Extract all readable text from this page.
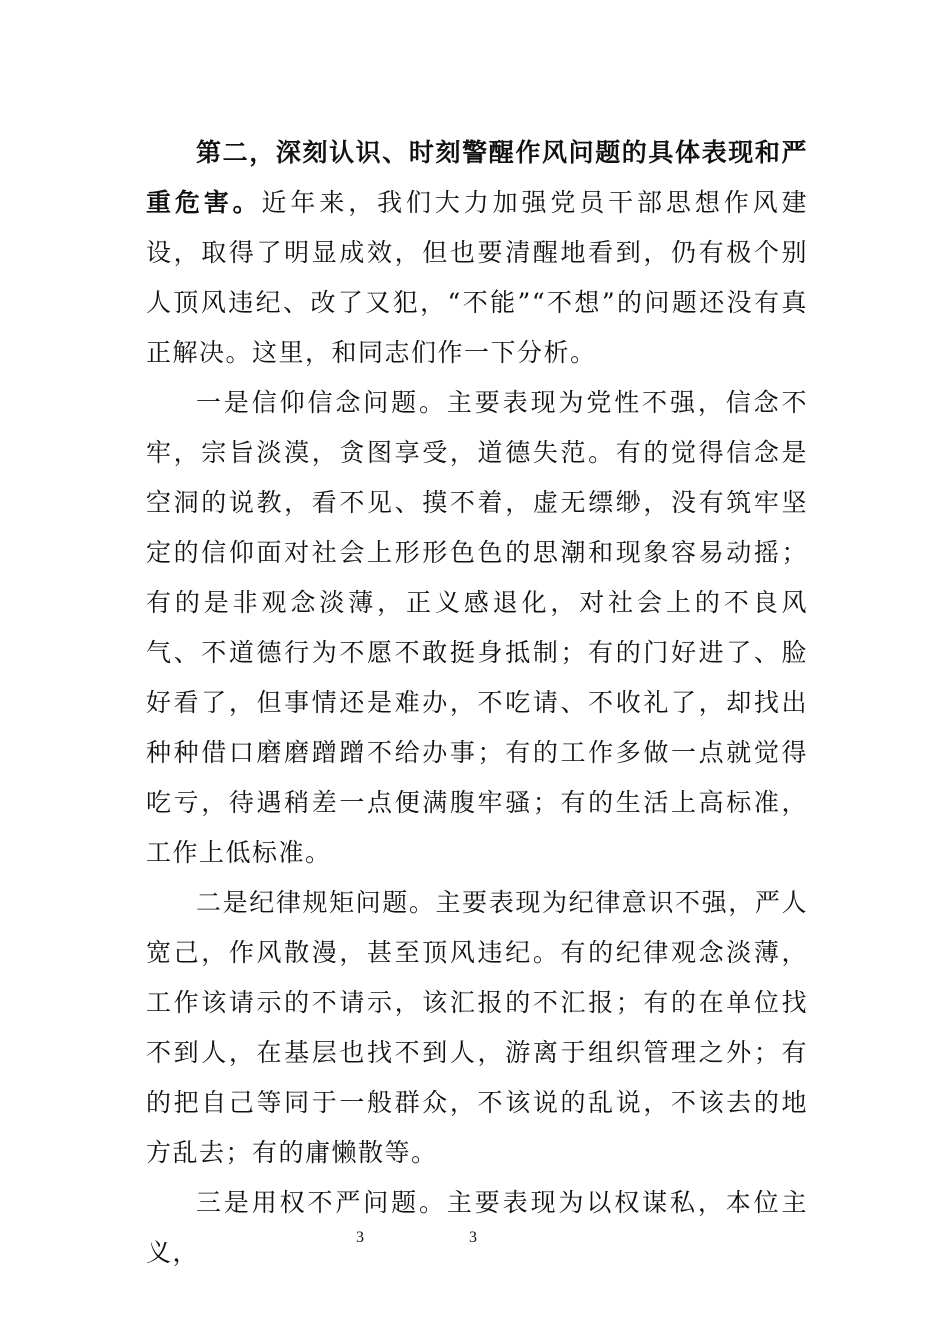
第二，深刻认识、时刻警醒作风问题的具体表现和严重危害。近年来，我们大力加强党员干部思想作风建设，取得了明显成效，但也要清醒地看到，仍有极个别人顶风违纪、改了又犯，“不能”“不想”的问题还没有真正解决。这里，和同志们作一下分析。

一是信仰信念问题。主要表现为党性不强，信念不牢，宗旨淡漠，贪图享受，道德失范。有的觉得信念是空洞的说教，看不见、摸不着，虚无缥缈，没有筑牢坚定的信仰面对社会上形形色色的思潮和现象容易动摇；有的是非观念淡薄，正义感退化，对社会上的不良风气、不道德行为不愿不敢挺身抵制；有的门好进了、脸好看了，但事情还是难办，不吃请、不收礼了，却找出种种借口磨磨蹭蹭不给办事；有的工作多做一点就觉得吃亏，待遇稍差一点便满腹牢骚；有的生活上高标准，工作上低标准。

二是纪律规矩问题。主要表现为纪律意识不强，严人宽己，作风散漫，甚至顶风违纪。有的纪律观念淡薄，工作该请示的不请示，该汇报的不汇报；有的在单位找不到人，在基层也找不到人，游离于组织管理之外；有的把自己等同于一般群众，不该说的乱说，不该去的地方乱去；有的庸懒散等。

三是用权不严问题。主要表现为以权谋私，本位主义，

3	3
